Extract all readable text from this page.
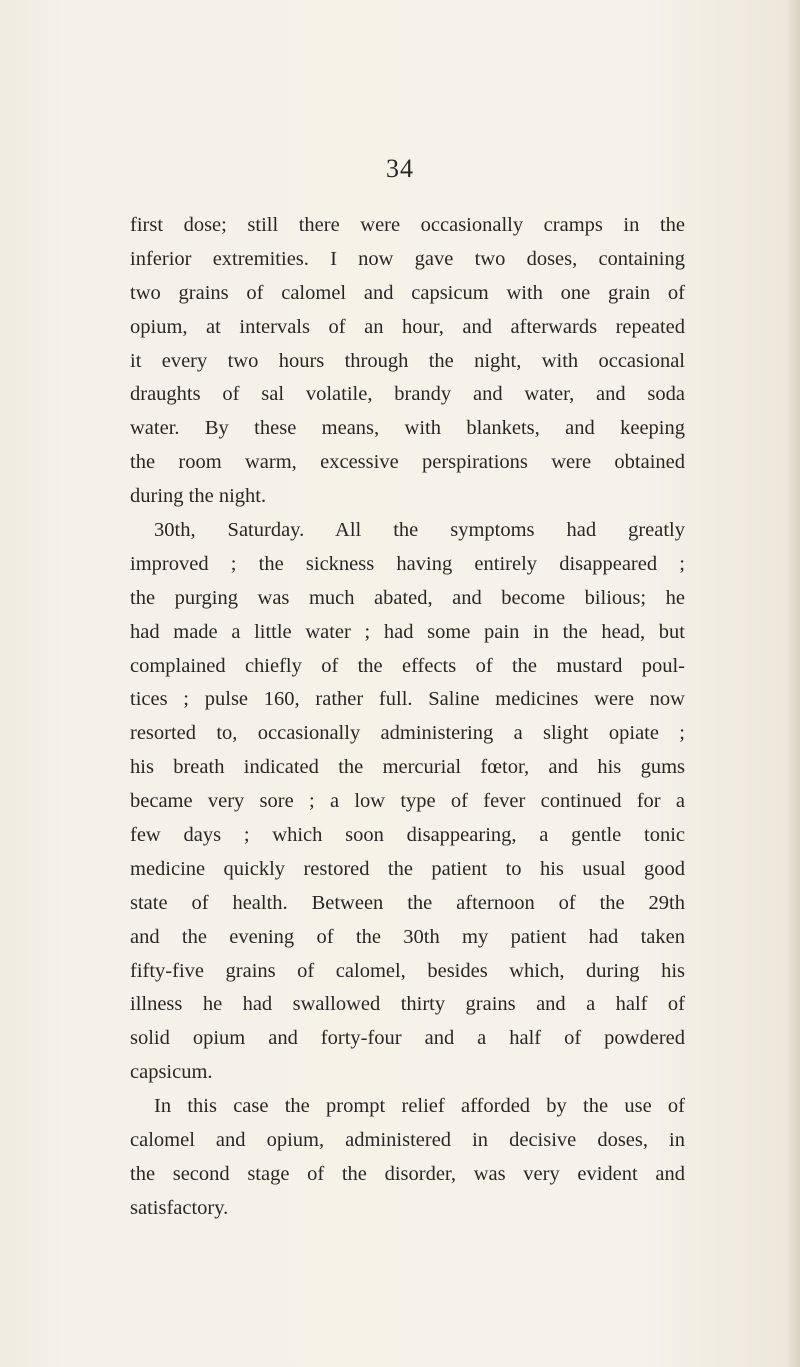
34
first dose; still there were occasionally cramps in the
inferior extremities. I now gave two doses, containing
two grains of calomel and capsicum with one grain of
opium, at intervals of an hour, and afterwards repeated
it every two hours through the night, with occasional
draughts of sal volatile, brandy and water, and soda
water. By these means, with blankets, and keeping
the room warm, excessive perspirations were obtained
during the night.
30th, Saturday. All the symptoms had greatly
improved ; the sickness having entirely disappeared ;
the purging was much abated, and become bilious; he
had made a little water ; had some pain in the head, but
complained chiefly of the effects of the mustard poul-
tices ; pulse 160, rather full. Saline medicines were now
resorted to, occasionally administering a slight opiate ;
his breath indicated the mercurial fœtor, and his gums
became very sore ; a low type of fever continued for a
few days ; which soon disappearing, a gentle tonic
medicine quickly restored the patient to his usual good
state of health. Between the afternoon of the 29th
and the evening of the 30th my patient had taken
fifty-five grains of calomel, besides which, during his
illness he had swallowed thirty grains and a half of
solid opium and forty-four and a half of powdered
capsicum.
In this case the prompt relief afforded by the use of
calomel and opium, administered in decisive doses, in
the second stage of the disorder, was very evident and
satisfactory.
